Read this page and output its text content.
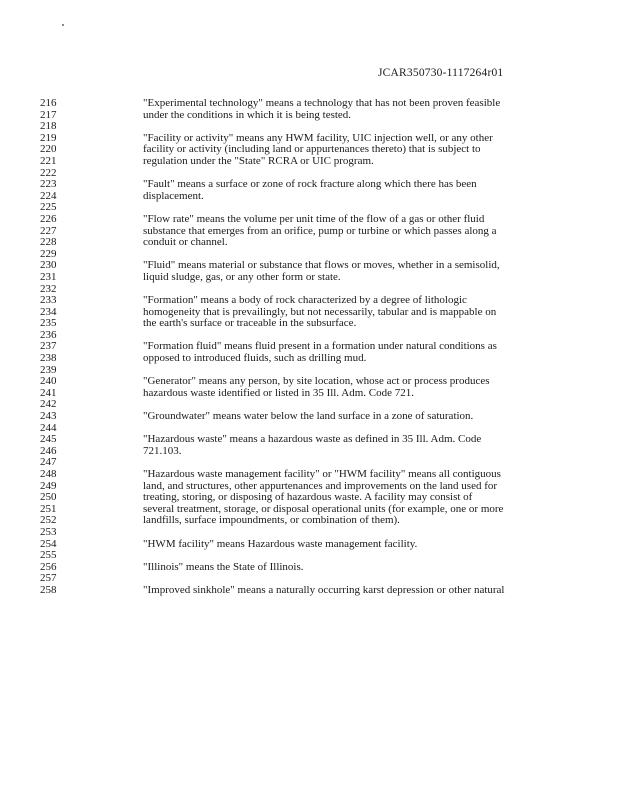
JCAR350730-1117264r01
216	"Experimental technology" means a technology that has not been proven feasible
217	under the conditions in which it is being tested.
218
219	"Facility or activity" means any HWM facility, UIC injection well, or any other
220	facility or activity (including land or appurtenances thereto) that is subject to
221	regulation under the "State" RCRA or UIC program.
222
223	"Fault" means a surface or zone of rock fracture along which there has been
224	displacement.
225
226	"Flow rate" means the volume per unit time of the flow of a gas or other fluid
227	substance that emerges from an orifice, pump or turbine or which passes along a
228	conduit or channel.
229
230	"Fluid" means material or substance that flows or moves, whether in a semisolid,
231	liquid sludge, gas, or any other form or state.
232
233	"Formation" means a body of rock characterized by a degree of lithologic
234	homogeneity that is prevailingly, but not necessarily, tabular and is mappable on
235	the earth's surface or traceable in the subsurface.
236
237	"Formation fluid" means fluid present in a formation under natural conditions as
238	opposed to introduced fluids, such as drilling mud.
239
240	"Generator" means any person, by site location, whose act or process produces
241	hazardous waste identified or listed in 35 Ill. Adm. Code 721.
242
243	"Groundwater" means water below the land surface in a zone of saturation.
244
245	"Hazardous waste" means a hazardous waste as defined in 35 Ill. Adm. Code
246	721.103.
247
248	"Hazardous waste management facility" or "HWM facility" means all contiguous
249	land, and structures, other appurtenances and improvements on the land used for
250	treating, storing, or disposing of hazardous waste. A facility may consist of
251	several treatment, storage, or disposal operational units (for example, one or more
252	landfills, surface impoundments, or combination of them).
253
254	"HWM facility" means Hazardous waste management facility.
255
256	"Illinois" means the State of Illinois.
257
258	"Improved sinkhole" means a naturally occurring karst depression or other natural
